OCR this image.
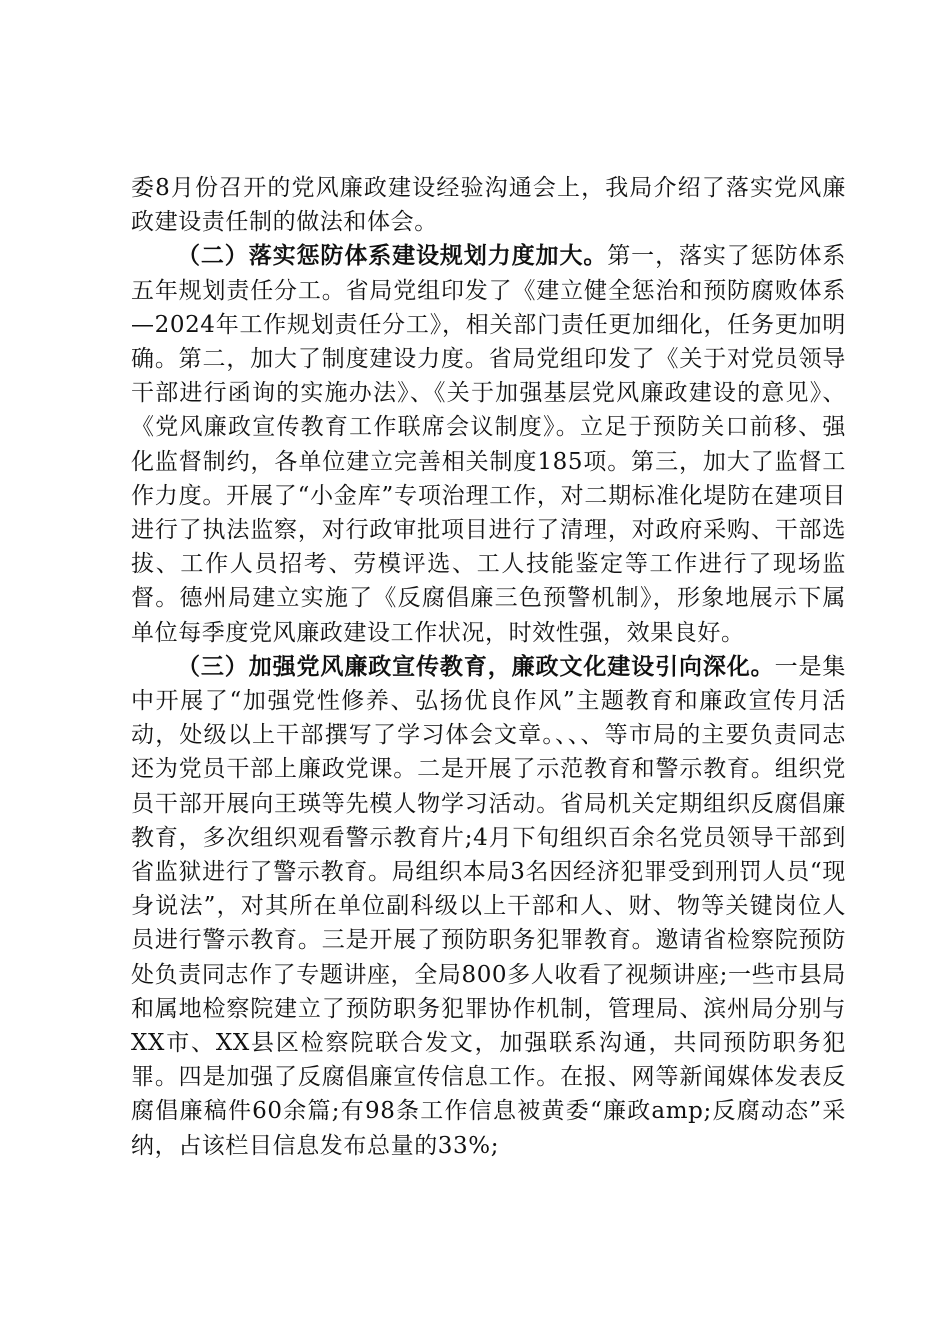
委8月份召开的党风廉政建设经验沟通会上，我局介绍了落实党风廉政建设责任制的做法和体会。

（二）落实惩防体系建设规划力度加大。第一，落实了惩防体系五年规划责任分工。省局党组印发了《建立健全惩治和预防腐败体系—2024年工作规划责任分工》，相关部门责任更加细化，任务更加明确。第二，加大了制度建设力度。省局党组印发了《关于对党员领导干部进行函询的实施办法》、《关于加强基层党风廉政建设的意见》、《党风廉政宣传教育工作联席会议制度》。立足于预防关口前移、强化监督制约，各单位建立完善相关制度185项。第三，加大了监督工作力度。开展了“小金库”专项治理工作，对二期标准化堤防在建项目进行了执法监察，对行政审批项目进行了清理，对政府采购、干部选拔、工作人员招考、劳模评选、工人技能鉴定等工作进行了现场监督。德州局建立实施了《反腐倡廉三色预警机制》，形象地展示下属单位每季度党风廉政建设工作状况，时效性强，效果良好。

（三）加强党风廉政宣传教育，廉政文化建设引向深化。一是集中开展了“加强党性修养、弘扬优良作风”主题教育和廉政宣传月活动，处级以上干部撰写了学习体会文章。、、、等市局的主要负责同志还为党员干部上廉政党课。二是开展了示范教育和警示教育。组织党员干部开展向王瑛等先模人物学习活动。省局机关定期组织反腐倡廉教育，多次组织观看警示教育片;4月下旬组织百余名党员领导干部到省监狱进行了警示教育。局组织本局3名因经济犯罪受到刑罚人员“现身说法”，对其所在单位副科级以上干部和人、财、物等关键岗位人员进行警示教育。三是开展了预防职务犯罪教育。邀请省检察院预防处负责同志作了专题讲座，全局800多人收看了视频讲座;一些市县局和属地检察院建立了预防职务犯罪协作机制，管理局、滨州局分别与XX市、XX县区检察院联合发文，加强联系沟通，共同预防职务犯罪。四是加强了反腐倡廉宣传信息工作。在报、网等新闻媒体发表反腐倡廉稿件60余篇;有98条工作信息被黄委“廉政amp;反腐动态”采纳，占该栏目信息发布总量的33%;
